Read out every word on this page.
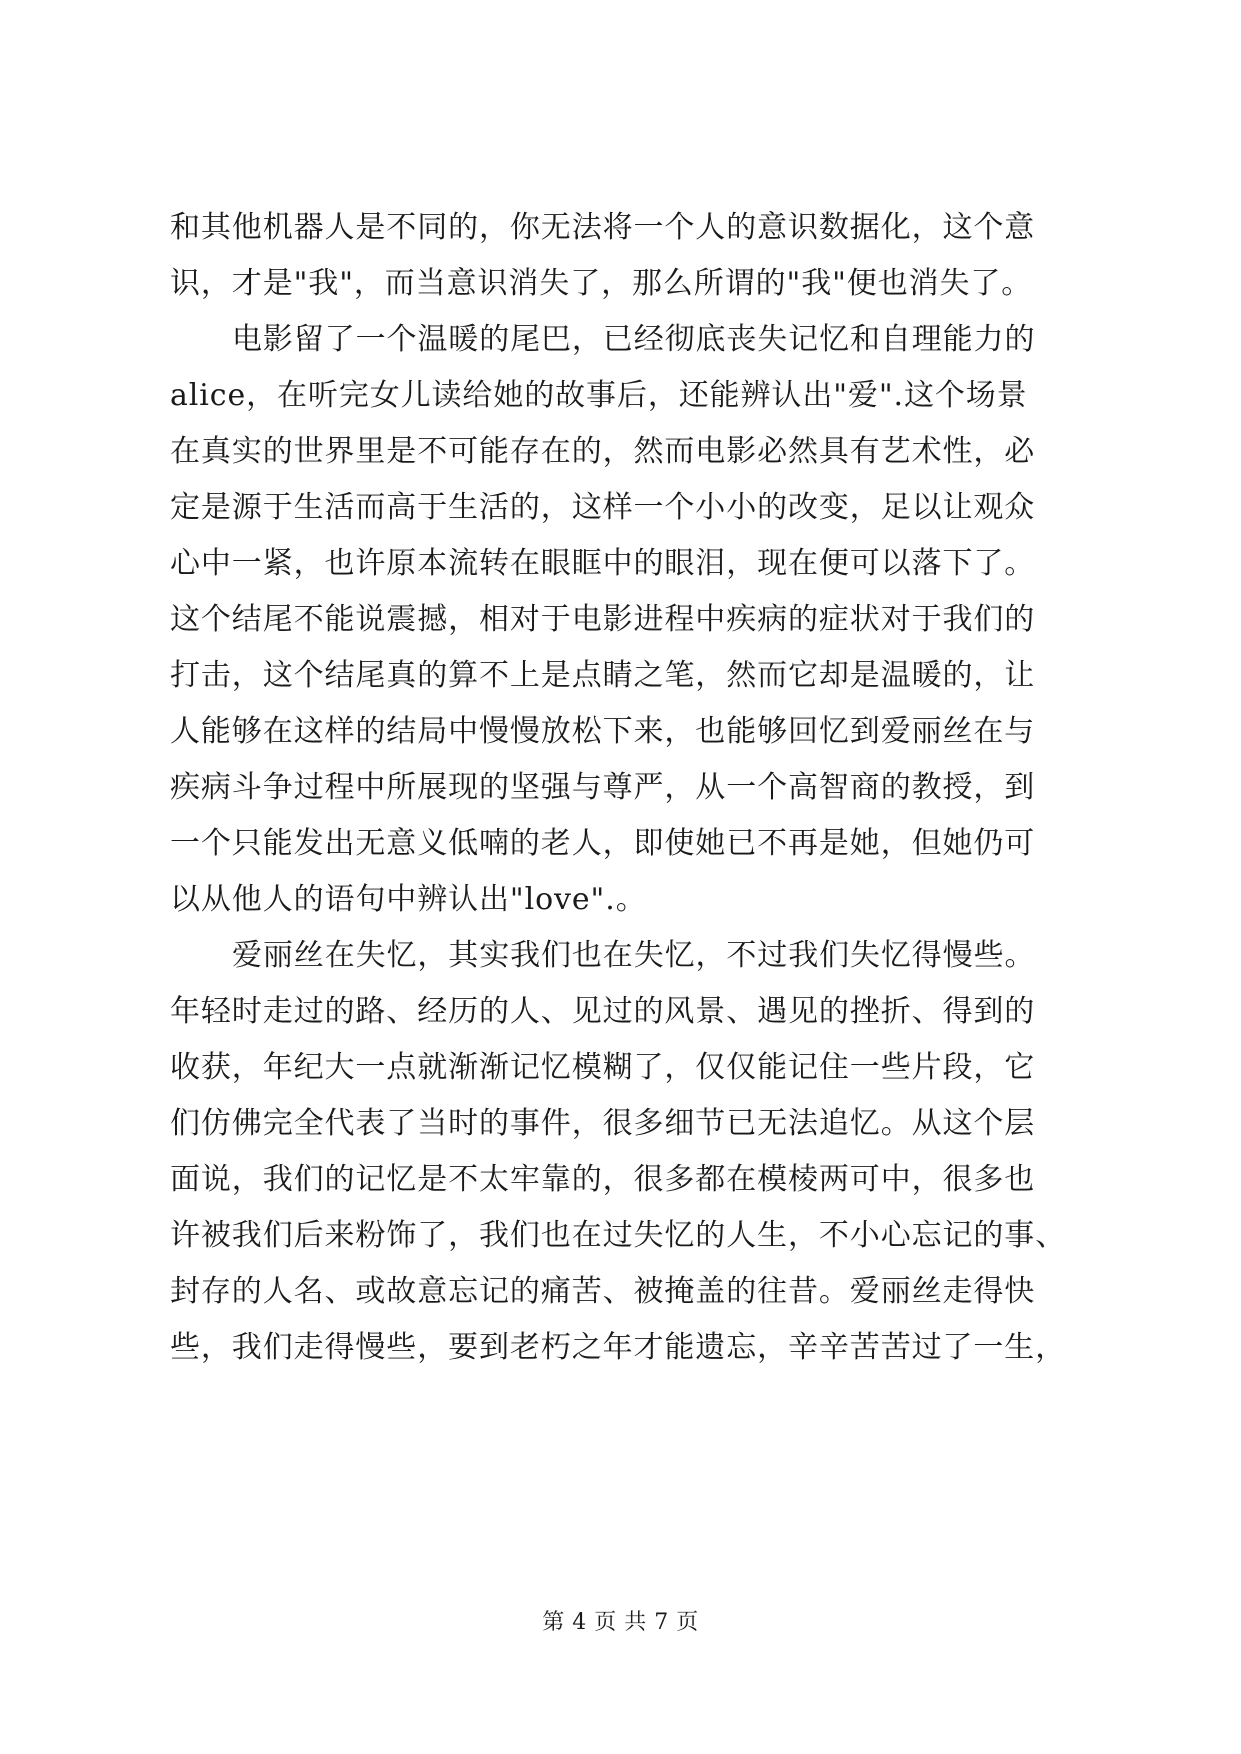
和其他机器人是不同的，你无法将一个人的意识数据化，这个意
识，才是"我"，而当意识消失了，那么所谓的"我"便也消失了。
电影留了一个温暖的尾巴，已经彻底丧失记忆和自理能力的
alice，在听完女儿读给她的故事后，还能辨认出"爱".这个场景
在真实的世界里是不可能存在的，然而电影必然具有艺术性，必
定是源于生活而高于生活的，这样一个小小的改变，足以让观众
心中一紧，也许原本流转在眼眶中的眼泪，现在便可以落下了。
这个结尾不能说震撼，相对于电影进程中疾病的症状对于我们的
打击，这个结尾真的算不上是点睛之笔，然而它却是温暖的，让
人能够在这样的结局中慢慢放松下来，也能够回忆到爱丽丝在与
疾病斗争过程中所展现的坚强与尊严，从一个高智商的教授，到
一个只能发出无意义低喃的老人，即使她已不再是她，但她仍可
以从他人的语句中辨认出"love".。
爱丽丝在失忆，其实我们也在失忆，不过我们失忆得慢些。
年轻时走过的路、经历的人、见过的风景、遇见的挫折、得到的
收获，年纪大一点就渐渐记忆模糊了，仅仅能记住一些片段，它
们仿佛完全代表了当时的事件，很多细节已无法追忆。从这个层
面说，我们的记忆是不太牢靠的，很多都在模棱两可中，很多也
许被我们后来粉饰了，我们也在过失忆的人生，不小心忘记的事、
封存的人名、或故意忘记的痛苦、被掩盖的往昔。爱丽丝走得快
些，我们走得慢些，要到老朽之年才能遗忘，辛辛苦苦过了一生，
第 4 页 共 7 页
